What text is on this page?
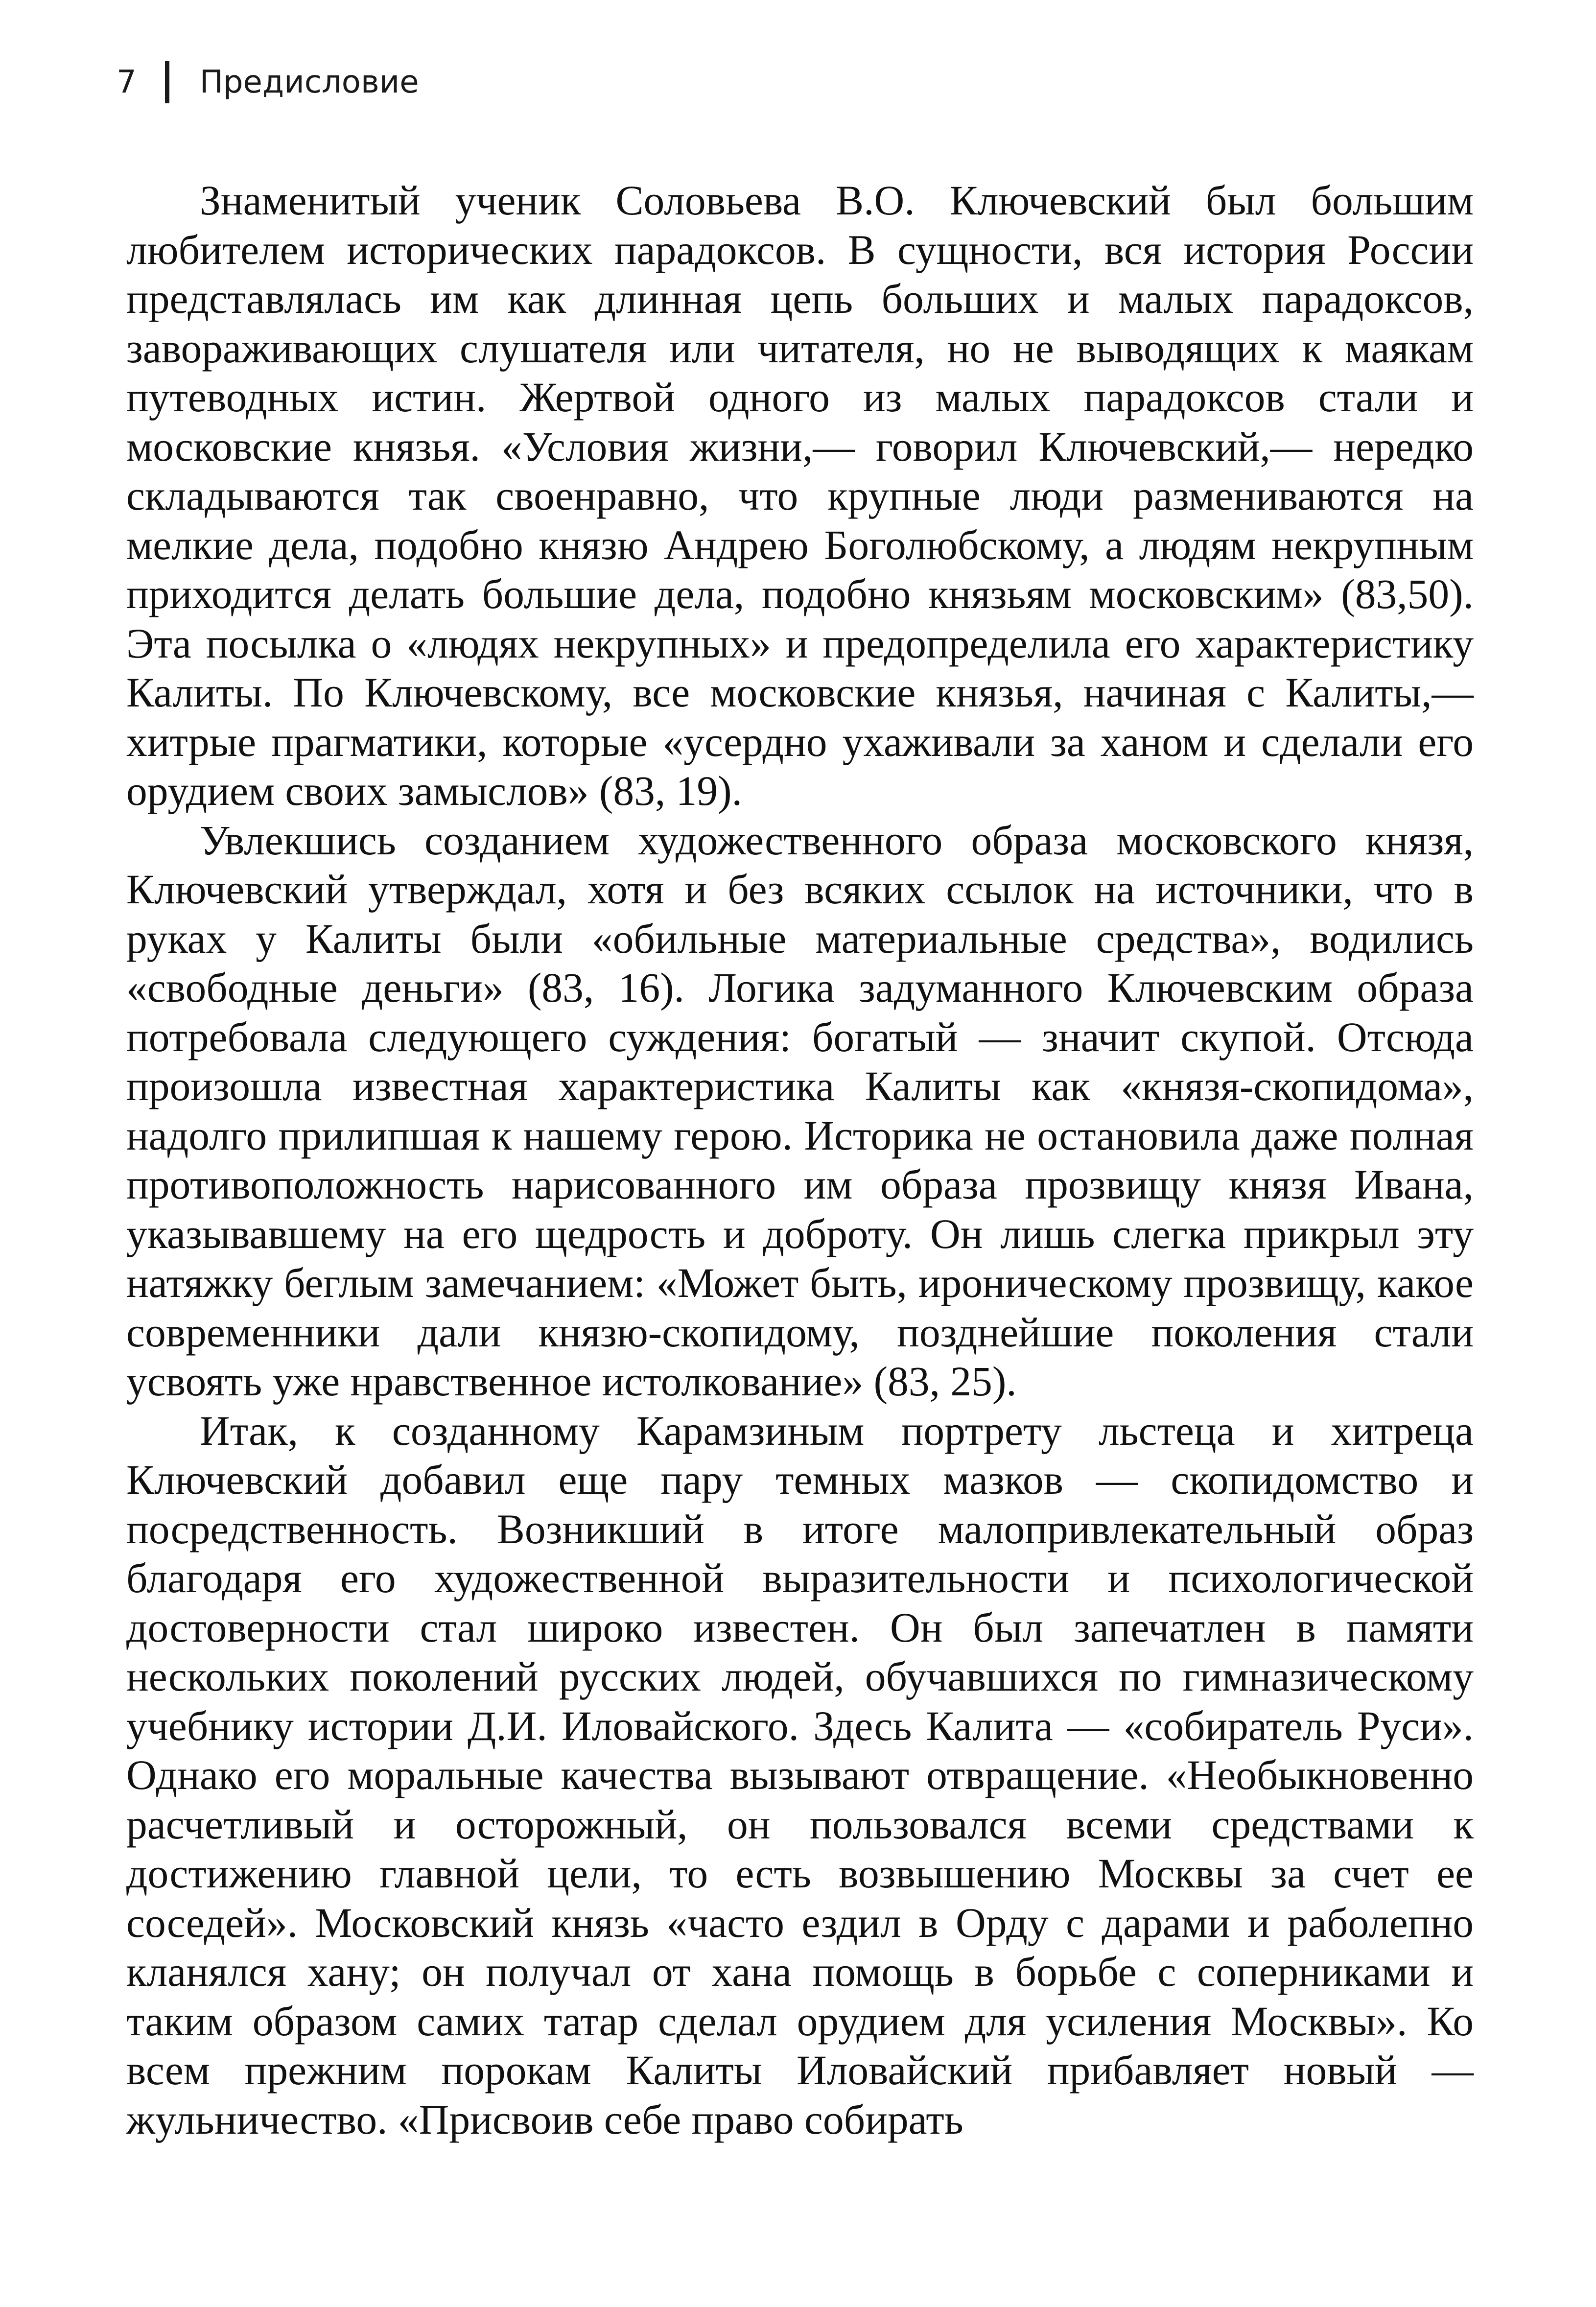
7 Предисловие

Знаменитый ученик Соловьева В.О. Ключевский был большим любителем исторических парадоксов. В сущности, вся история России представлялась им как длинная цепь больших и малых парадоксов, завораживающих слушателя или читателя, но не выводящих к маякам путеводных истин. Жертвой одного из малых парадоксов стали и московские князья. «Условия жизни,— говорил Ключевский,— нередко складываются так своенравно, что крупные люди размениваются на мелкие дела, подобно князю Андрею Боголюбскому, а людям некрупным приходится делать большие дела, подобно князьям московским» (83,50). Эта посылка о «людях некрупных» и предопределила его характеристику Калиты. По Ключевскому, все московские князья, начиная с Калиты,— хитрые прагматики, которые «усердно ухаживали за ханом и сделали его орудием своих замыслов» (83, 19).

Увлекшись созданием художественного образа московского князя, Ключевский утверждал, хотя и без всяких ссылок на источники, что в руках у Калиты были «обильные материальные средства», водились «свободные деньги» (83, 16). Логика задуманного Ключевским образа потребовала следующего суждения: богатый — значит скупой. Отсюда произошла известная характеристика Калиты как «князя-скопидома», надолго прилипшая к нашему герою. Историка не остановила даже полная противоположность нарисованного им образа прозвищу князя Ивана, указывавшему на его щедрость и доброту. Он лишь слегка прикрыл эту натяжку беглым замечанием: «Может быть, ироническому прозвищу, какое современники дали князю-скопидому, позднейшие поколения стали усвоять уже нравственное истолкование» (83, 25).

Итак, к созданному Карамзиным портрету льстеца и хитреца Ключевский добавил еще пару темных мазков — скопидомство и посредственность. Возникший в итоге малопривлекательный образ благодаря его художественной выразительности и психологической достоверности стал широко известен. Он был запечатлен в памяти нескольких поколений русских людей, обучавшихся по гимназическому учебнику истории Д.И. Иловайского. Здесь Калита — «собиратель Руси». Однако его моральные качества вызывают отвращение. «Необыкновенно расчетливый и осторожный, он пользовался всеми средствами к достижению главной цели, то есть возвышению Москвы за счет ее соседей». Московский князь «часто ездил в Орду с дарами и раболепно кланялся хану; он получал от хана помощь в борьбе с соперниками и таким образом самих татар сделал орудием для усиления Москвы». Ко всем прежним порокам Калиты Иловайский прибавляет новый — жульничество. «Присвоив себе право собирать
